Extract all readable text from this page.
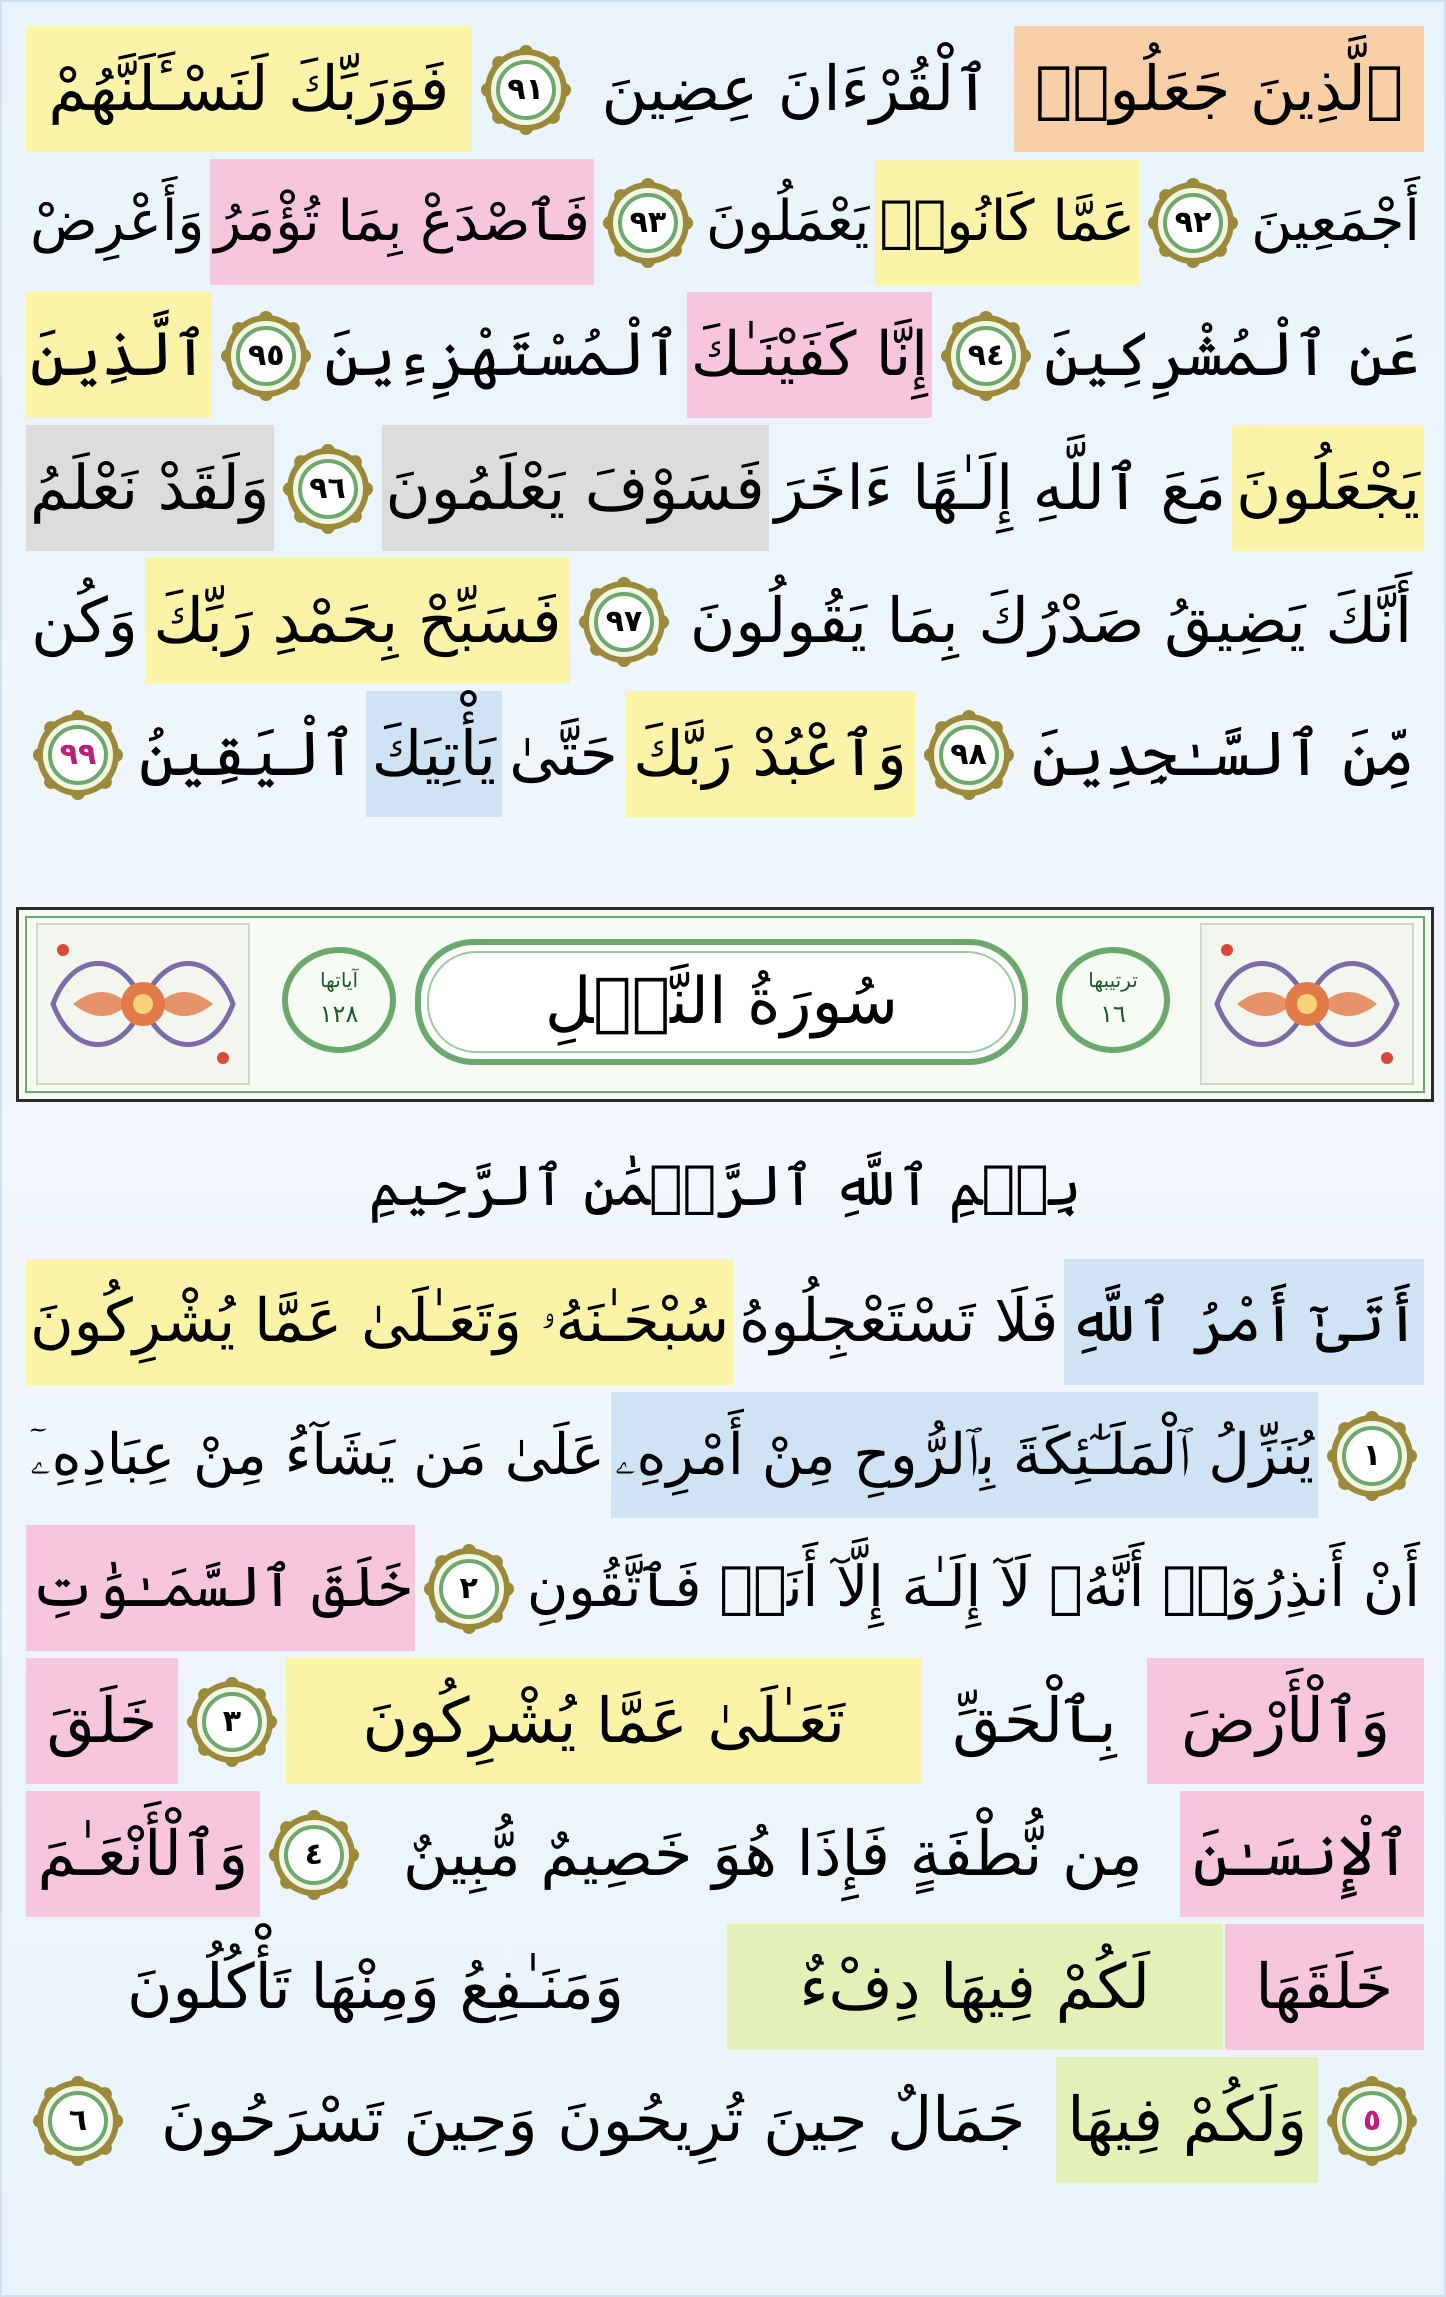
ٱلَّذِينَ جَعَلُوا۟
ٱلْقُرْءَانَ عِضِينَ
٩١
فَوَرَبِّكَ لَنَسْـَٔلَنَّهُمْ
أَجْمَعِينَ
٩٢
عَمَّا كَانُوا۟
يَعْمَلُونَ
٩٣
فَٱصْدَعْ بِمَا تُؤْمَرُ
وَأَعْرِضْ
عَنِ ٱلْمُشْرِكِينَ
٩٤
إِنَّا كَفَيْنَـٰكَ
ٱلْمُسْتَهْزِءِينَ
٩٥
ٱلَّذِينَ
يَجْعَلُونَ
مَعَ ٱللَّهِ إِلَـٰهًا ءَاخَرَ
فَسَوْفَ يَعْلَمُونَ
٩٦
وَلَقَدْ نَعْلَمُ
أَنَّكَ يَضِيقُ صَدْرُكَ بِمَا يَقُولُونَ
٩٧
فَسَبِّحْ بِحَمْدِ رَبِّكَ
وَكُن
مِّنَ ٱلسَّـٰجِدِينَ
٩٨
وَٱعْبُدْ رَبَّكَ
حَتَّىٰ
يَأْتِيَكَ
ٱلْيَقِينُ
٩٩
آياتها
١٢٨	سُورَةُ النَّحۡلِ	ترتيبها
١٦
بِسۡمِ ٱللَّهِ ٱلرَّحۡمَٰنِ ٱلرَّحِيمِ
أَتَىٰٓ أَمْرُ ٱللَّهِ
فَلَا تَسْتَعْجِلُوهُ
سُبْحَـٰنَهُۥ وَتَعَـٰلَىٰ عَمَّا يُشْرِكُونَ
١
يُنَزِّلُ ٱلْمَلَـٰٓئِكَةَ بِٱلرُّوحِ مِنْ أَمْرِهِۦ
عَلَىٰ مَن يَشَآءُ مِنْ عِبَادِهِۦٓ
أَنْ أَنذِرُوٓا۟ أَنَّهُۥ لَآ إِلَـٰهَ إِلَّآ أَنَا۠ فَٱتَّقُونِ
٢
خَلَقَ ٱلسَّمَـٰوَٰتِ
وَٱلْأَرْضَ
بِٱلْحَقِّ
تَعَـٰلَىٰ عَمَّا يُشْرِكُونَ
٣
خَلَقَ
ٱلْإِنسَـٰنَ
مِن نُّطْفَةٍ فَإِذَا هُوَ خَصِيمٌ مُّبِينٌ
٤
وَٱلْأَنْعَـٰمَ
خَلَقَهَا
لَكُمْ فِيهَا دِفْءٌ
وَمَنَـٰفِعُ وَمِنْهَا تَأْكُلُونَ
٥
وَلَكُمْ فِيهَا
جَمَالٌ حِينَ تُرِيحُونَ وَحِينَ تَسْرَحُونَ
٦
